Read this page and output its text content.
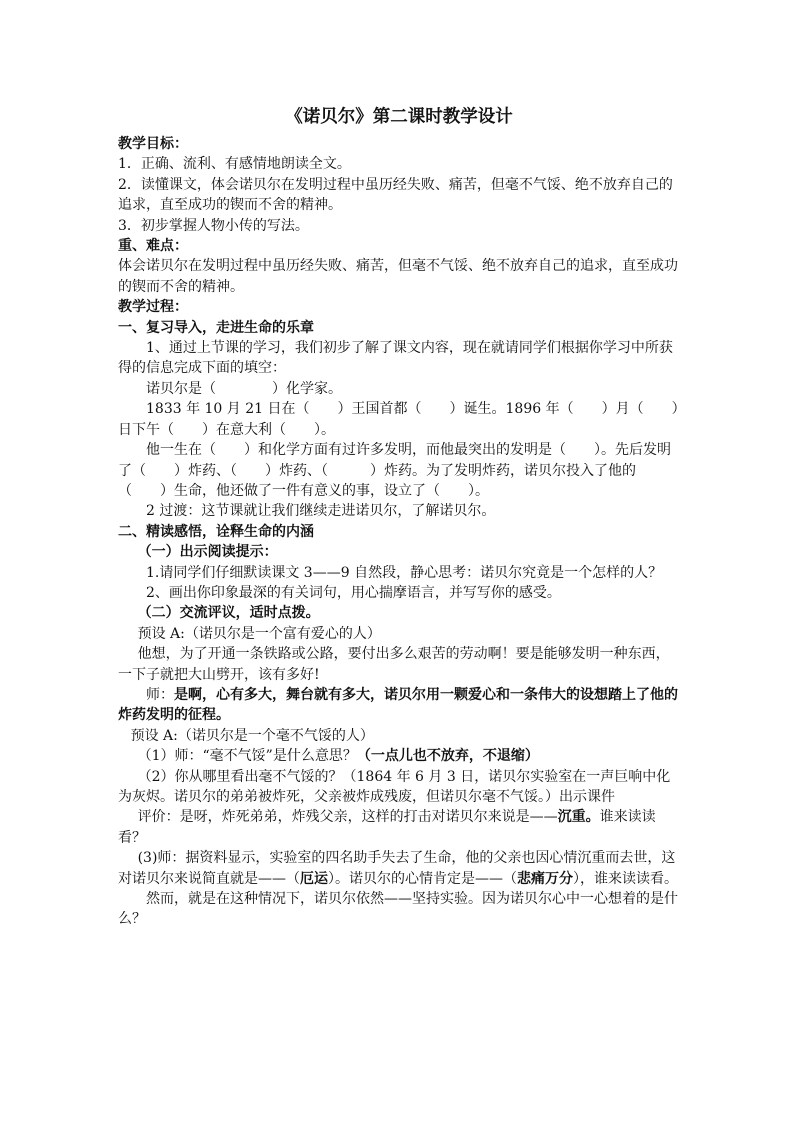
《诺贝尔》第二课时教学设计

教学目标：

1．正确、流利、有感情地朗读全文。

2．读懂课文，体会诺贝尔在发明过程中虽历经失败、痛苦，但毫不气馁、绝不放弃自己的追求，直至成功的锲而不舍的精神。

3．初步掌握人物小传的写法。

重、难点：

体会诺贝尔在发明过程中虽历经失败、痛苦，但毫不气馁、绝不放弃自己的追求，直至成功的锲而不舍的精神。

教学过程：

一、复习导入，走进生命的乐章

1、通过上节课的学习，我们初步了解了课文内容，现在就请同学们根据你学习中所获得的信息完成下面的填空：

诺贝尔是（　　　　）化学家。

1833 年 10 月 21 日在（　　）王国首都（　　）诞生。1896 年（　　）月（　　）日下午（　　）在意大利（　　）。

他一生在（　　）和化学方面有过许多发明，而他最突出的发明是（　　）。先后发明了（　　）炸药、（　　）炸药、（　　　）炸药。为了发明炸药，诺贝尔投入了他的（　　）生命，他还做了一件有意义的事，设立了（　　）。

2 过渡：这节课就让我们继续走进诺贝尔，了解诺贝尔。

二、精读感悟，诠释生命的内涵

（一）出示阅读提示：

1.请同学们仔细默读课文 3——9 自然段，静心思考：诺贝尔究竟是一个怎样的人？

2、画出你印象最深的有关词句，用心揣摩语言，并写写你的感受。

（二）交流评议，适时点拨。

预设 A:（诺贝尔是一个富有爱心的人）

他想，为了开通一条铁路或公路，要付出多么艰苦的劳动啊！要是能够发明一种东西，一下子就把大山劈开，该有多好!

师：是啊，心有多大，舞台就有多大，诺贝尔用一颗爱心和一条伟大的设想踏上了他的炸药发明的征程。

预设 A:（诺贝尔是一个毫不气馁的人）

（1）师：“毫不气馁”是什么意思？（一点儿也不放弃，不退缩）

（2）你从哪里看出毫不气馁的？（1864 年 6 月 3 日，诺贝尔实验室在一声巨响中化为灰烬。诺贝尔的弟弟被炸死，父亲被炸成残废，但诺贝尔毫不气馁。）出示课件

评价：是呀，炸死弟弟，炸残父亲，这样的打击对诺贝尔来说是——沉重。谁来读读看？

(3)师：据资料显示，实验室的四名助手失去了生命，他的父亲也因心情沉重而去世，这对诺贝尔来说简直就是——（厄运）。诺贝尔的心情肯定是——（悲痛万分），谁来读读看。

然而，就是在这种情况下，诺贝尔依然——坚持实验。因为诺贝尔心中一心想着的是什么？
